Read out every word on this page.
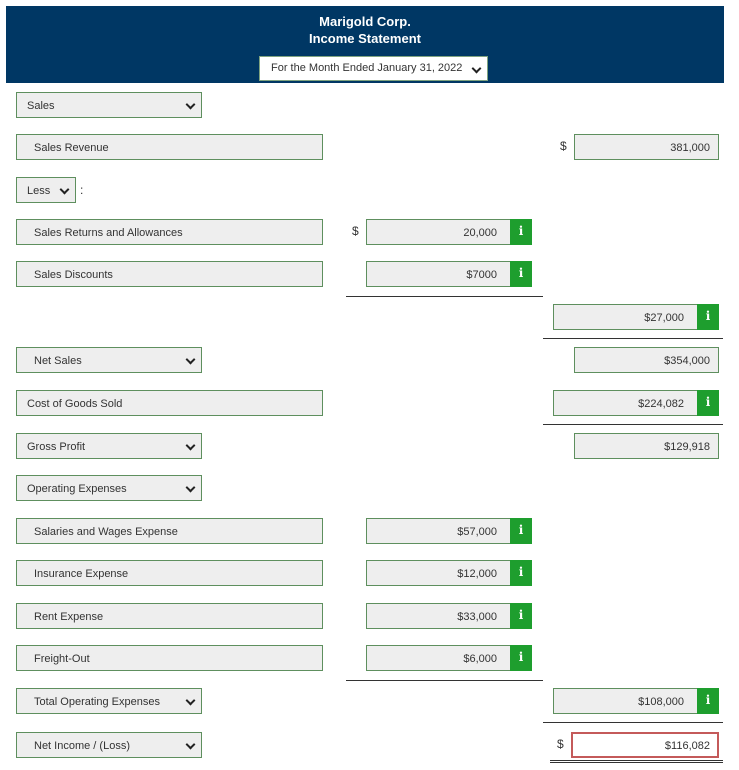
Marigold Corp.
Income Statement
For the Month Ended January 31, 2022
Sales
Sales Revenue	$	381,000
Less	:
Sales Returns and Allowances	$	20,000	i
Sales Discounts	$7000	i
$27,000	i
Net Sales	$354,000
Cost of Goods Sold	$224,082	i
Gross Profit	$129,918
Operating Expenses
Salaries and Wages Expense	$57,000	i
Insurance Expense	$12,000	i
Rent Expense	$33,000	i
Freight-Out	$6,000	i
Total Operating Expenses	$108,000	i
Net Income / (Loss)	$	$116,082
